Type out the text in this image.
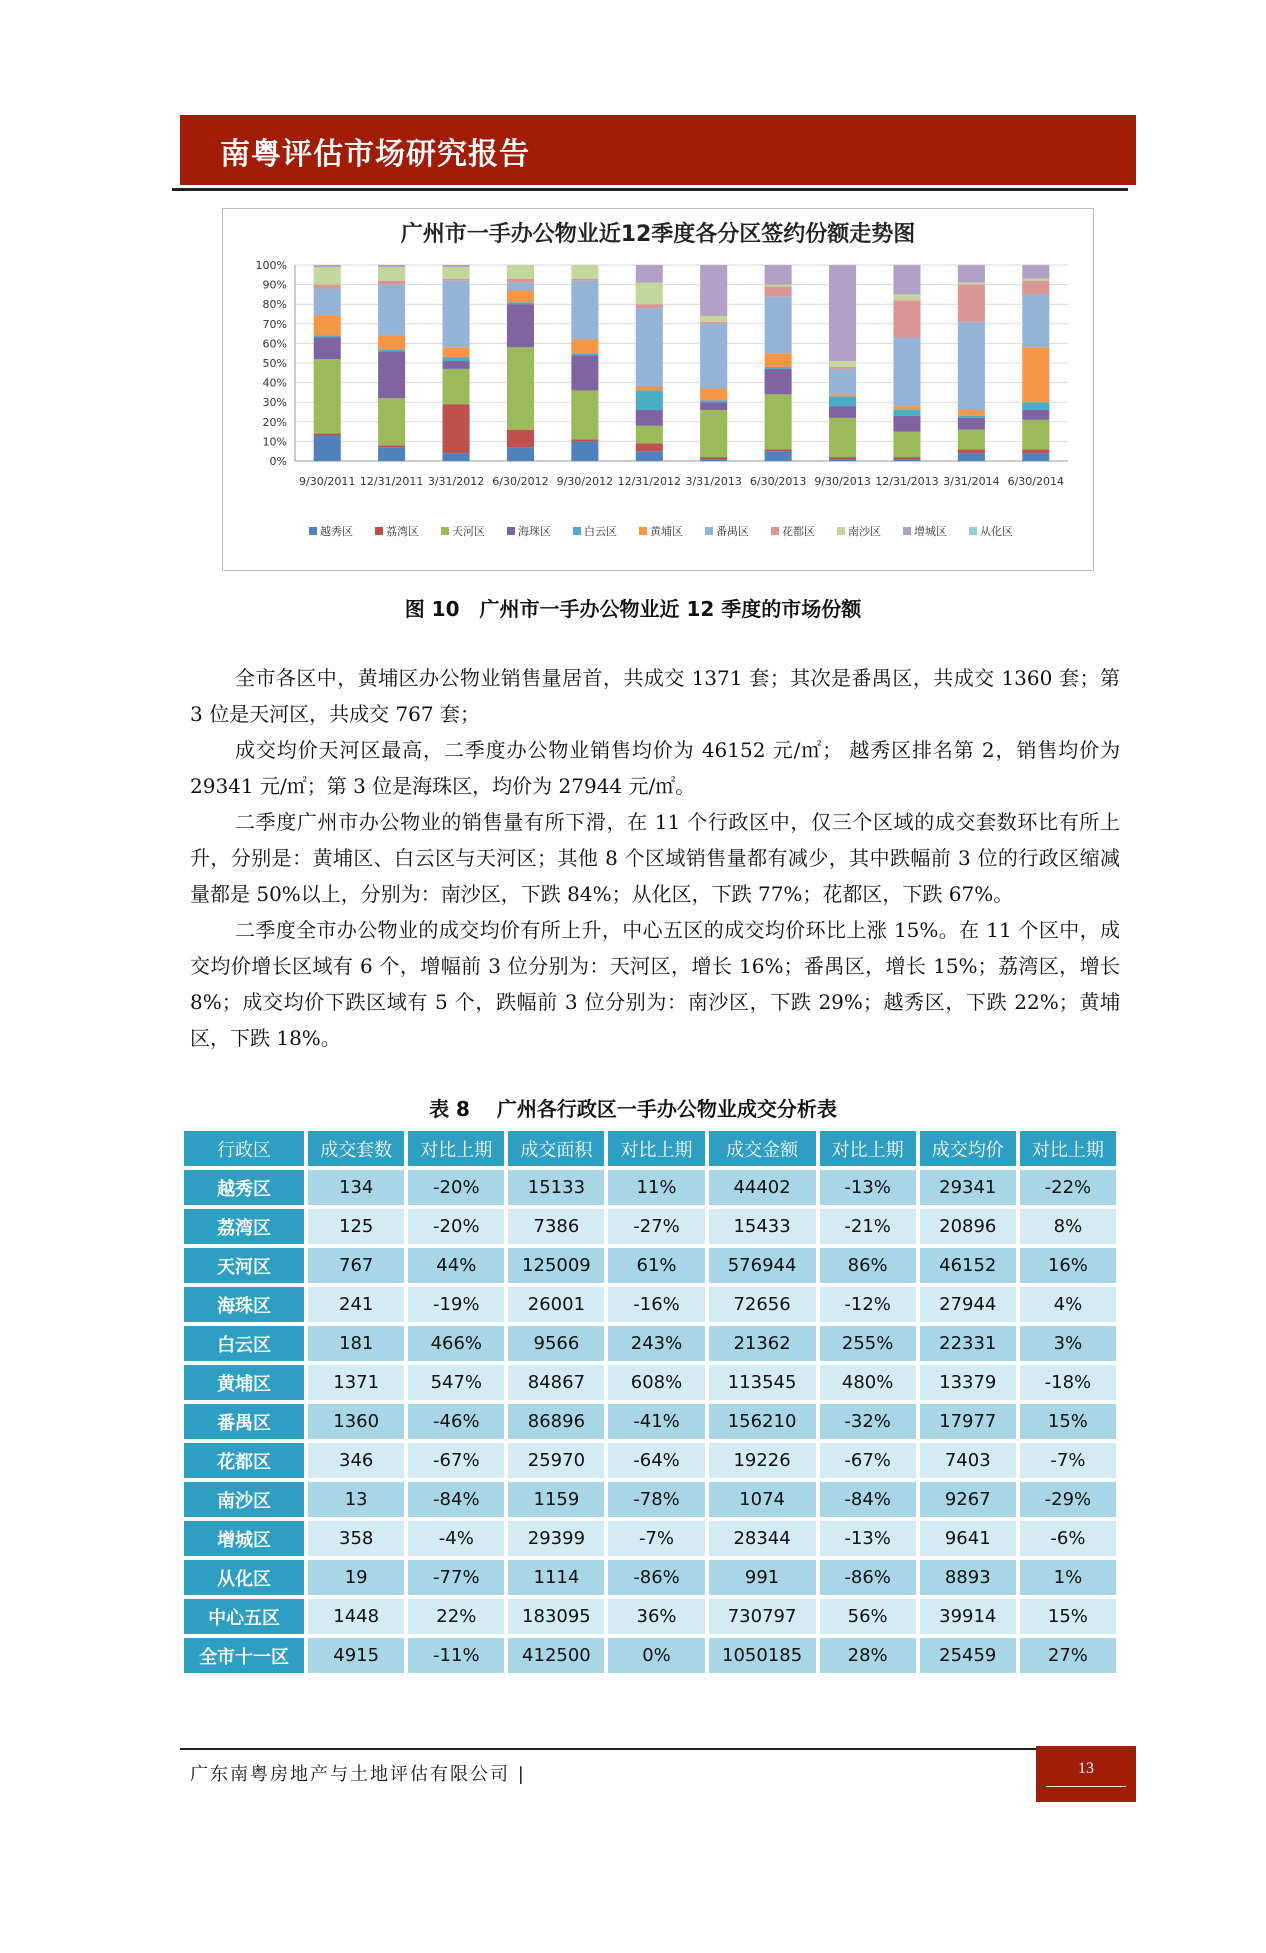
南粤评估市场研究报告
广州市一手办公物业近12季度各分区签约份额走势图
0%
10%
20%
30%
40%
50%
60%
70%
80%
90%
100%
9/30/2011 12/31/2011 3/31/2012 6/30/2012 9/30/2012 12/31/2012 3/31/2013 6/30/2013 9/30/2013 12/31/2013 3/31/2014 6/30/2014
越秀区	荔湾区	天河区	海珠区	白云区	黄埔区	番禺区	花都区	南沙区	增城区	从化区
图 10　广州市一手办公物业近 12 季度的市场份额

全市各区中，黄埔区办公物业销售量居首，共成交 1371 套；其次是番禺区，共成交 1360 套；第 3 位是天河区，共成交 767 套；

成交均价天河区最高，二季度办公物业销售均价为 46152 元/㎡； 越秀区排名第 2，销售均价为 29341 元/㎡；第 3 位是海珠区，均价为 27944 元/㎡。

二季度广州市办公物业的销售量有所下滑，在 11 个行政区中，仅三个区域的成交套数环比有所上升，分别是：黄埔区、白云区与天河区；其他 8 个区域销售量都有减少，其中跌幅前 3 位的行政区缩减量都是 50%以上，分别为：南沙区，下跌 84%；从化区，下跌 77%；花都区，下跌 67%。

二季度全市办公物业的成交均价有所上升，中心五区的成交均价环比上涨 15%。在 11 个区中，成交均价增长区域有 6 个，增幅前 3 位分别为：天河区，增长 16%；番禺区，增长 15%；荔湾区，增长 8%；成交均价下跌区域有 5 个，跌幅前 3 位分别为：南沙区，下跌 29%；越秀区，下跌 22%；黄埔区，下跌 18%。

表 8　 广州各行政区一手办公物业成交分析表
行政区	成交套数	对比上期	成交面积	对比上期	成交金额	对比上期	成交均价	对比上期
越秀区	134	-20%	15133	11%	44402	-13%	29341	-22%
荔湾区	125	-20%	7386	-27%	15433	-21%	20896	8%
天河区	767	44%	125009	61%	576944	86%	46152	16%
海珠区	241	-19%	26001	-16%	72656	-12%	27944	4%
白云区	181	466%	9566	243%	21362	255%	22331	3%
黄埔区	1371	547%	84867	608%	113545	480%	13379	-18%
番禺区	1360	-46%	86896	-41%	156210	-32%	17977	15%
花都区	346	-67%	25970	-64%	19226	-67%	7403	-7%
南沙区	13	-84%	1159	-78%	1074	-84%	9267	-29%
增城区	358	-4%	29399	-7%	28344	-13%	9641	-6%
从化区	19	-77%	1114	-86%	991	-86%	8893	1%
中心五区	1448	22%	183095	36%	730797	56%	39914	15%
全市十一区	4915	-11%	412500	0%	1050185	28%	25459	27%
广东南粤房地产与土地评估有限公司 |	13
